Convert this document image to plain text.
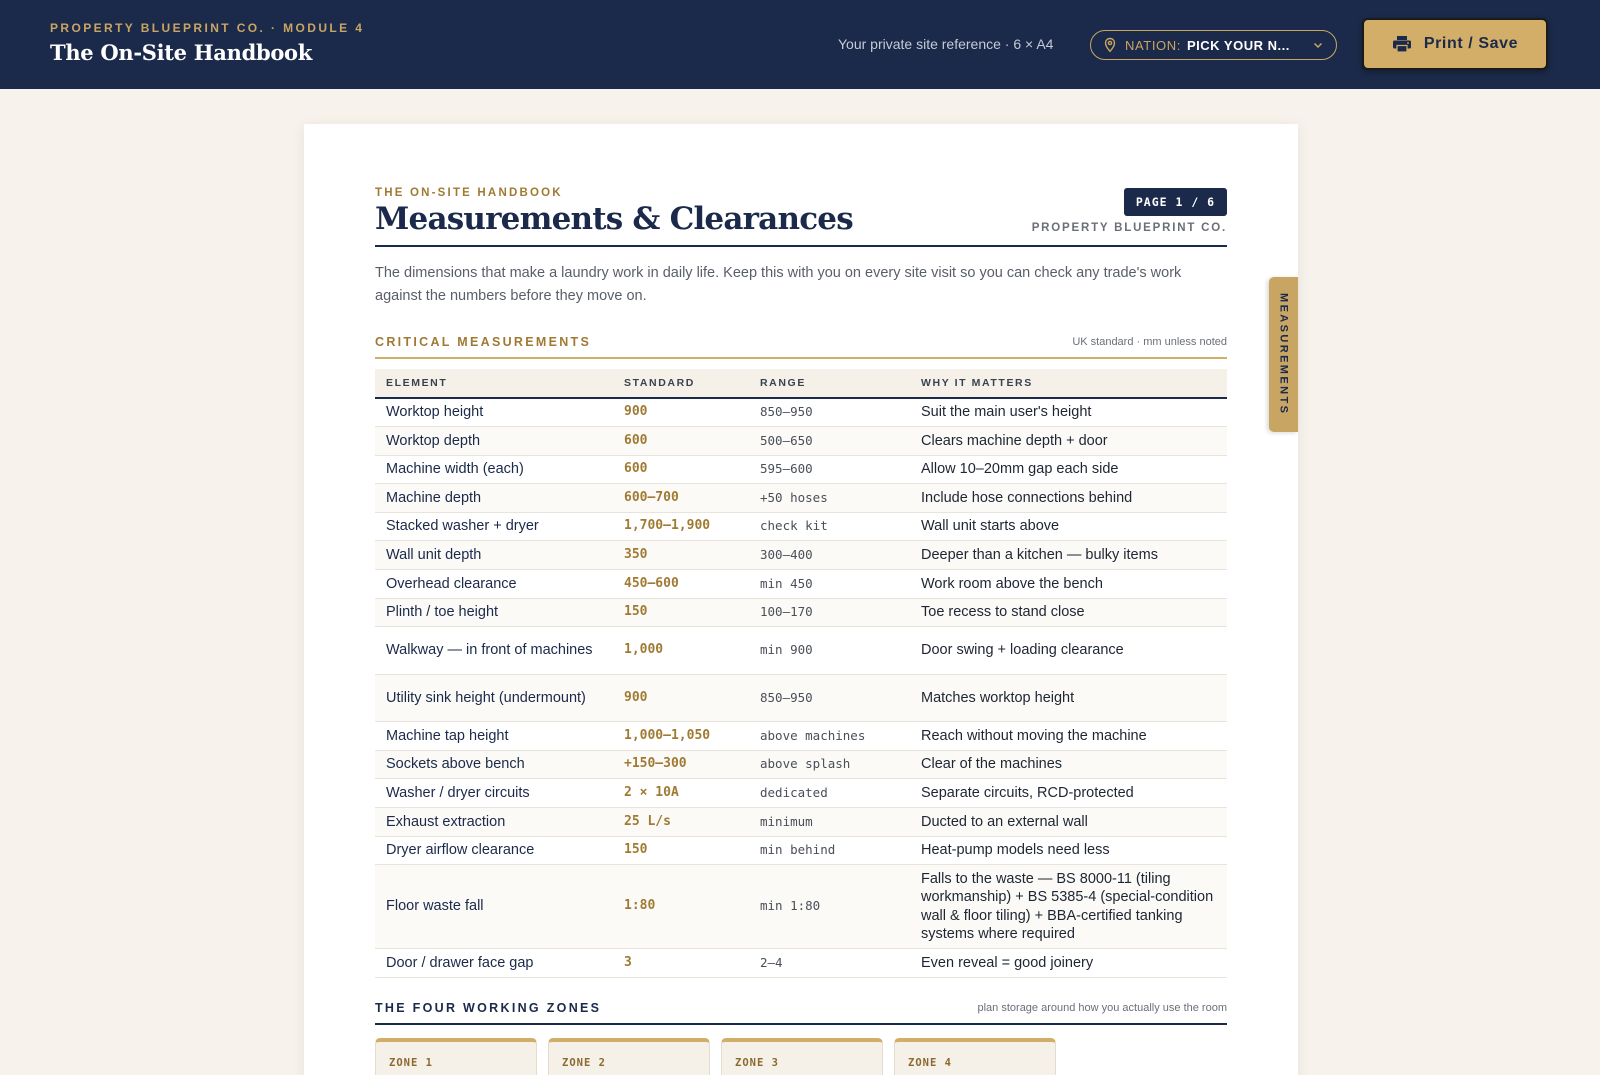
PROPERTY BLUEPRINT CO. · MODULE 4
The On-Site Handbook	Your private site reference · 6 × A4	NATION: PICK YOUR N...	Print / Save
MEASUREMENTS
THE ON-SITE HANDBOOK
Measurements & Clearances	PAGE 1 / 6
PROPERTY BLUEPRINT CO.
The dimensions that make a laundry work in daily life. Keep this with you on every site visit so you can check any trade's work against the numbers before they move on.
CRITICAL MEASUREMENTS	UK standard · mm unless noted
ELEMENT	STANDARD	RANGE	WHY IT MATTERS
Worktop height	900	850–950	Suit the main user's height
Worktop depth	600	500–650	Clears machine depth + door
Machine width (each)	600	595–600	Allow 10–20mm gap each side
Machine depth	600–700	+50 hoses	Include hose connections behind
Stacked washer + dryer	1,700–1,900	check kit	Wall unit starts above
Wall unit depth	350	300–400	Deeper than a kitchen — bulky items
Overhead clearance	450–600	min 450	Work room above the bench
Plinth / toe height	150	100–170	Toe recess to stand close
Walkway — in front of machines	1,000	min 900	Door swing + loading clearance
Utility sink height (undermount)	900	850–950	Matches worktop height
Machine tap height	1,000–1,050	above machines	Reach without moving the machine
Sockets above bench	+150–300	above splash	Clear of the machines
Washer / dryer circuits	2 × 10A	dedicated	Separate circuits, RCD-protected
Exhaust extraction	25 L/s	minimum	Ducted to an external wall
Dryer airflow clearance	150	min behind	Heat-pump models need less
Floor waste fall	1:80	min 1:80	Falls to the waste — BS 8000-11 (tiling workmanship) + BS 5385-4 (special-condition wall & floor tiling) + BBA-certified tanking systems where required
Door / drawer face gap	3	2–4	Even reveal = good joinery
THE FOUR WORKING ZONES	plan storage around how you actually use the room
ZONE 1	ZONE 2	ZONE 3	ZONE 4
